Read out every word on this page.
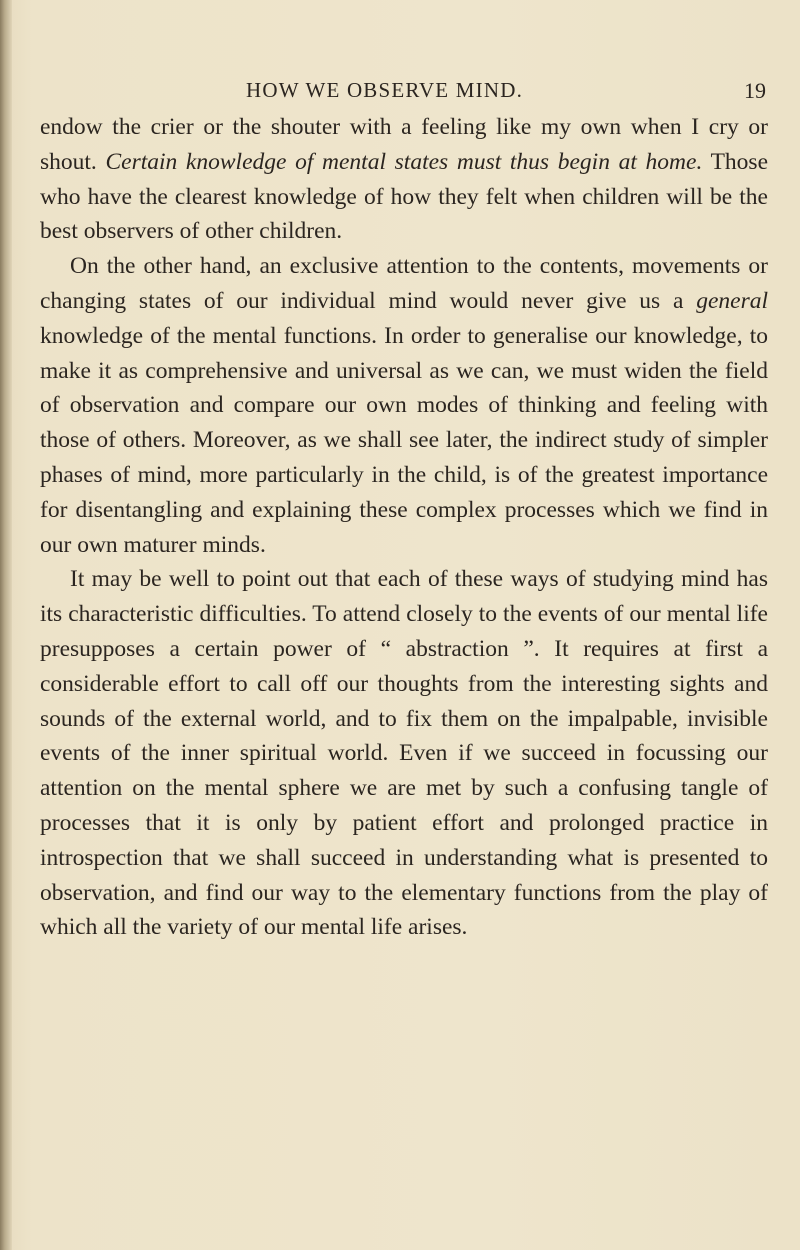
HOW WE OBSERVE MIND.	19

endow the crier or the shouter with a feeling like my own when I cry or shout. Certain knowledge of mental states must thus begin at home. Those who have the clearest knowledge of how they felt when children will be the best observers of other children.

On the other hand, an exclusive attention to the contents, movements or changing states of our individual mind would never give us a general knowledge of the mental functions. In order to generalise our knowledge, to make it as comprehensive and universal as we can, we must widen the field of observation and compare our own modes of thinking and feeling with those of others. Moreover, as we shall see later, the indirect study of simpler phases of mind, more particularly in the child, is of the greatest importance for disentangling and explaining these complex processes which we find in our own maturer minds.

It may be well to point out that each of these ways of studying mind has its characteristic difficulties. To attend closely to the events of our mental life presupposes a certain power of “ abstraction ”. It requires at first a considerable effort to call off our thoughts from the interesting sights and sounds of the external world, and to fix them on the impalpable, invisible events of the inner spiritual world. Even if we succeed in focussing our attention on the mental sphere we are met by such a confusing tangle of processes that it is only by patient effort and prolonged practice in introspection that we shall succeed in understanding what is presented to observation, and find our way to the elementary functions from the play of which all the variety of our mental life arises.
